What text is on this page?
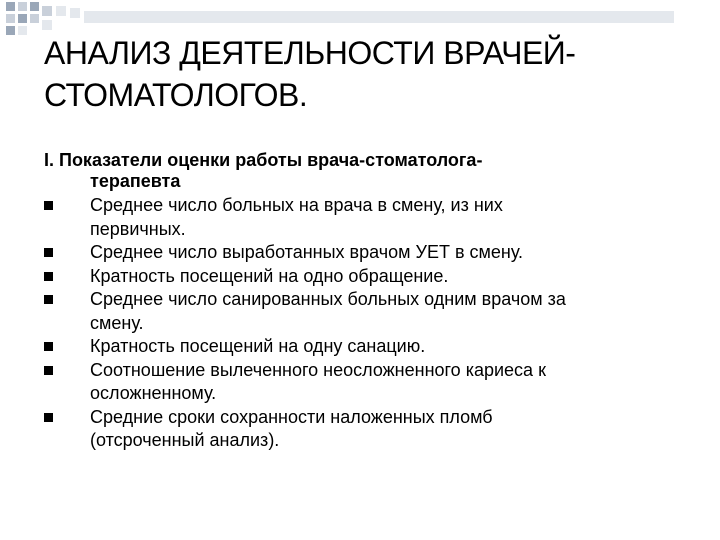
АНАЛИЗ ДЕЯТЕЛЬНОСТИ ВРАЧЕЙ-
СТОМАТОЛОГОВ.

I. Показатели оценки работы врача-стоматолога-
терапевта

Среднее число больных на врача в смену, из них
первичных.
Среднее число выработанных врачом УЕТ в смену.
Кратность посещений на одно обращение.
Среднее число санированных больных одним врачом за
смену.
Кратность посещений на одну санацию.
Соотношение вылеченного неосложненного кариеса к
осложненному.
Средние сроки сохранности наложенных пломб
(отсроченный анализ).
